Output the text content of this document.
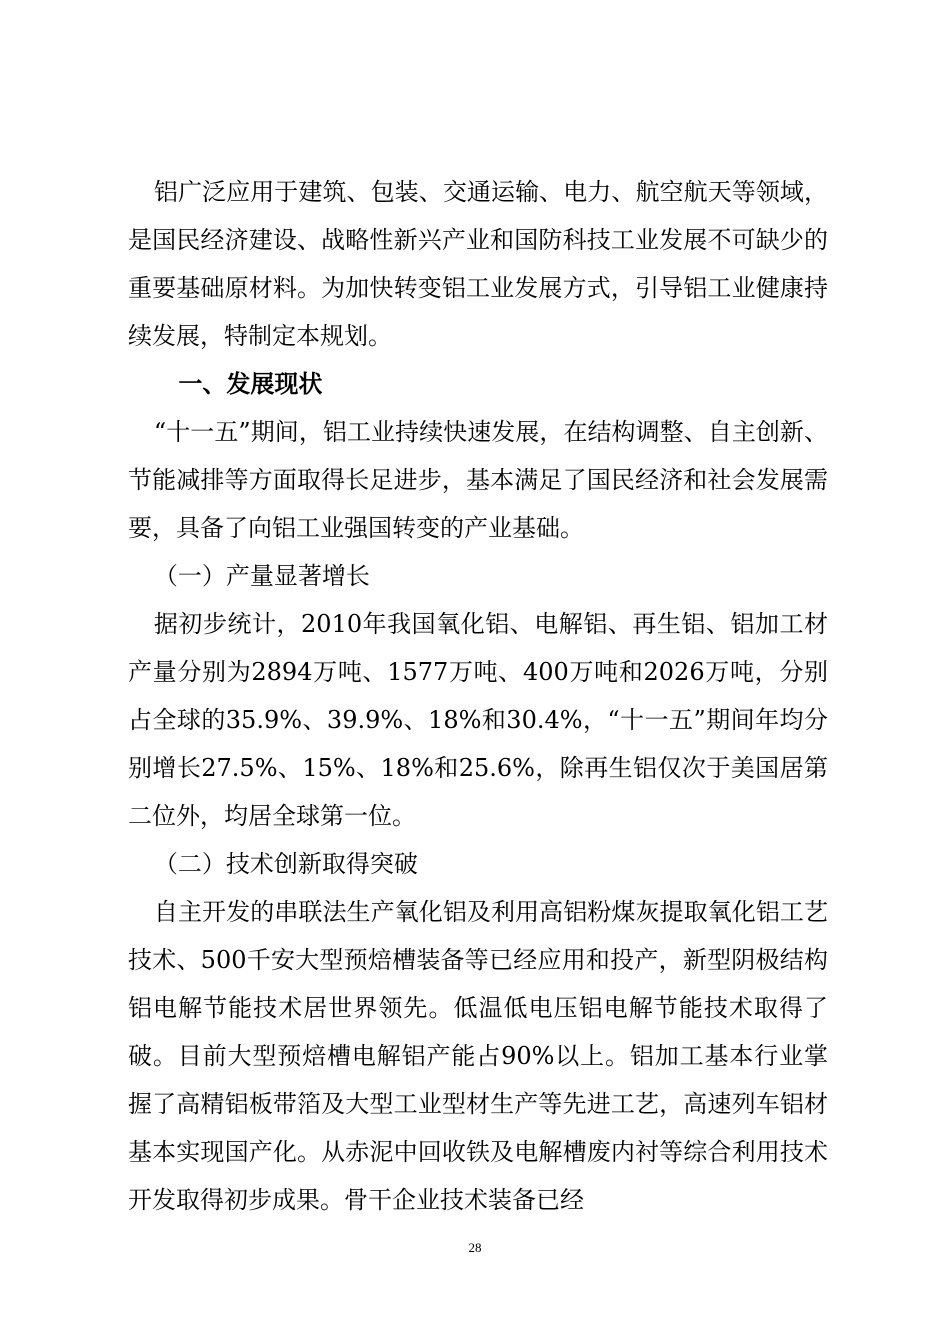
铝广泛应用于建筑、包装、交通运输、电力、航空航天等领域，是国民经济建设、战略性新兴产业和国防科技工业发展不可缺少的重要基础原材料。为加快转变铝工业发展方式，引导铝工业健康持续发展，特制定本规划。

一、发展现状

“十一五”期间，铝工业持续快速发展，在结构调整、自主创新、节能减排等方面取得长足进步，基本满足了国民经济和社会发展需要，具备了向铝工业强国转变的产业基础。

（一）产量显著增长

据初步统计，2010年我国氧化铝、电解铝、再生铝、铝加工材产量分别为2894万吨、1577万吨、400万吨和2026万吨，分别占全球的35.9%、39.9%、18%和30.4%，“十一五”期间年均分别增长27.5%、15%、18%和25.6%，除再生铝仅次于美国居第二位外，均居全球第一位。

（二）技术创新取得突破

自主开发的串联法生产氧化铝及利用高铝粉煤灰提取氧化铝工艺技术、500千安大型预焙槽装备等已经应用和投产，新型阴极结构铝电解节能技术居世界领先。低温低电压铝电解节能技术取得了破。目前大型预焙槽电解铝产能占90%以上。铝加工基本行业掌握了高精铝板带箔及大型工业型材生产等先进工艺，高速列车铝材基本实现国产化。从赤泥中回收铁及电解槽废内衬等综合利用技术开发取得初步成果。骨干企业技术装备已经

28
